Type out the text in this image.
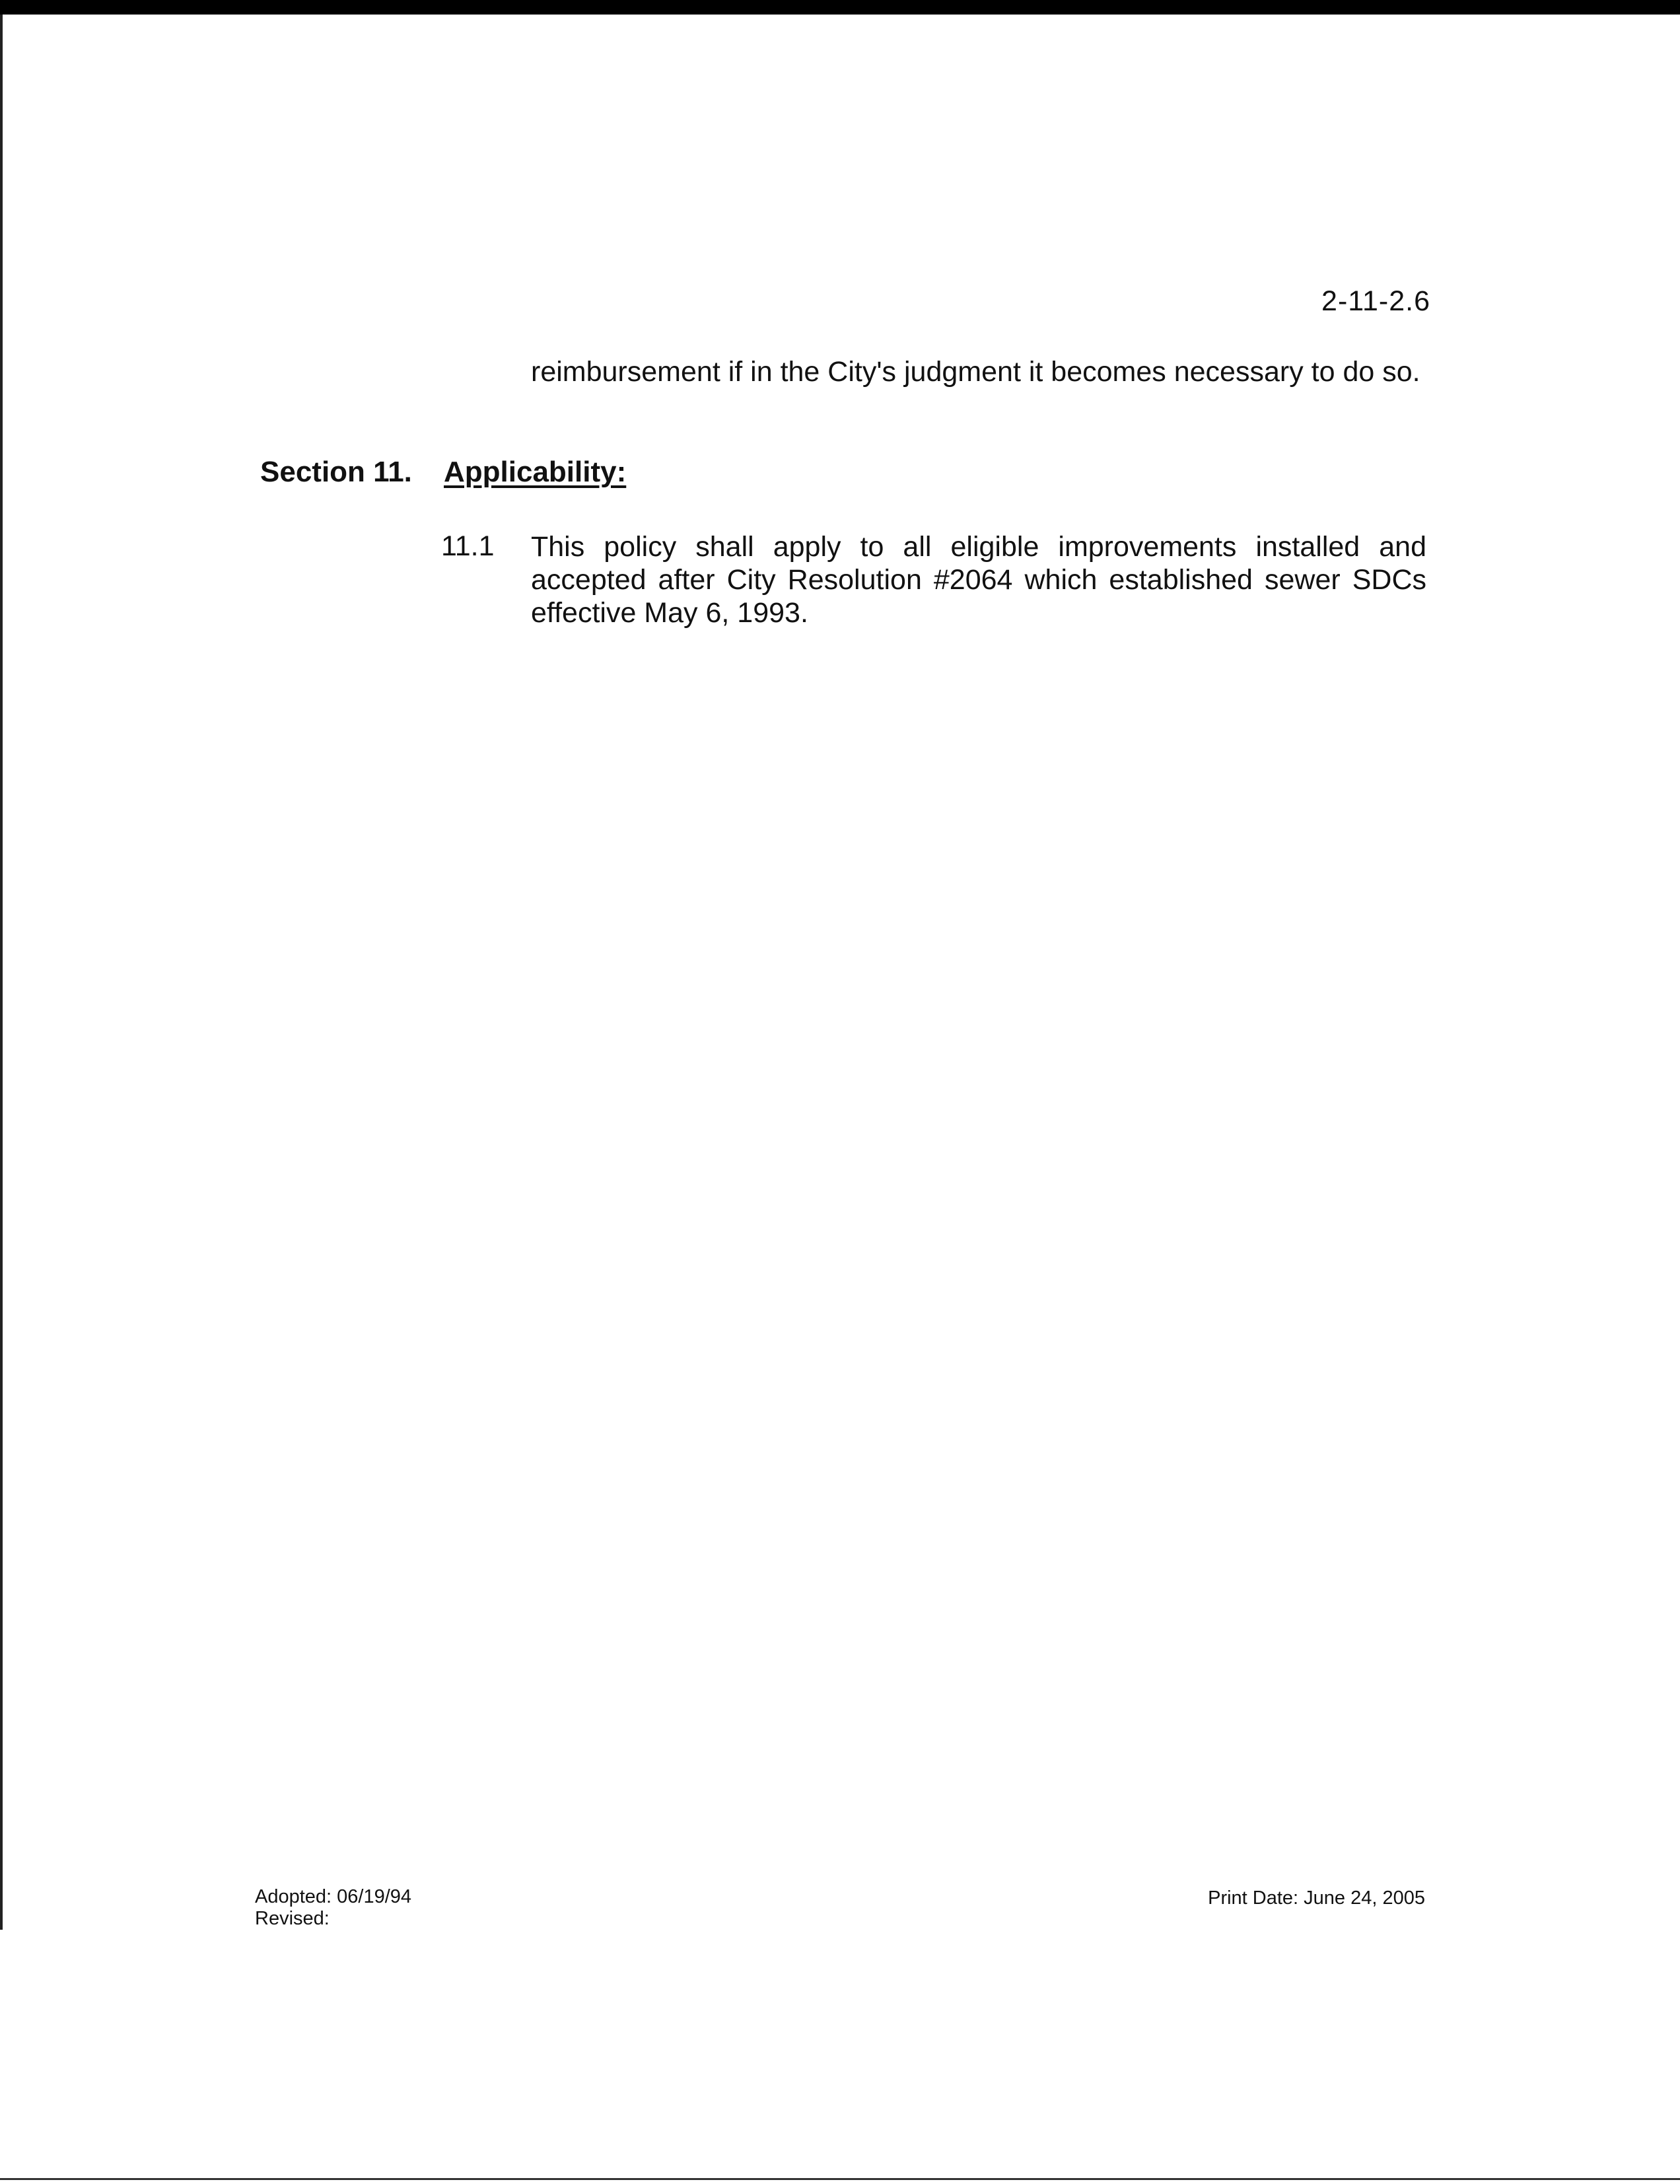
2-11-2.6
reimbursement if in the City's judgment it becomes necessary to do so.
Section 11. Applicability:
11.1 This policy shall apply to all eligible improvements installed and accepted after City Resolution #2064 which established sewer SDCs effective May 6, 1993.
Adopted: 06/19/94
Revised:
Print Date: June 24, 2005
